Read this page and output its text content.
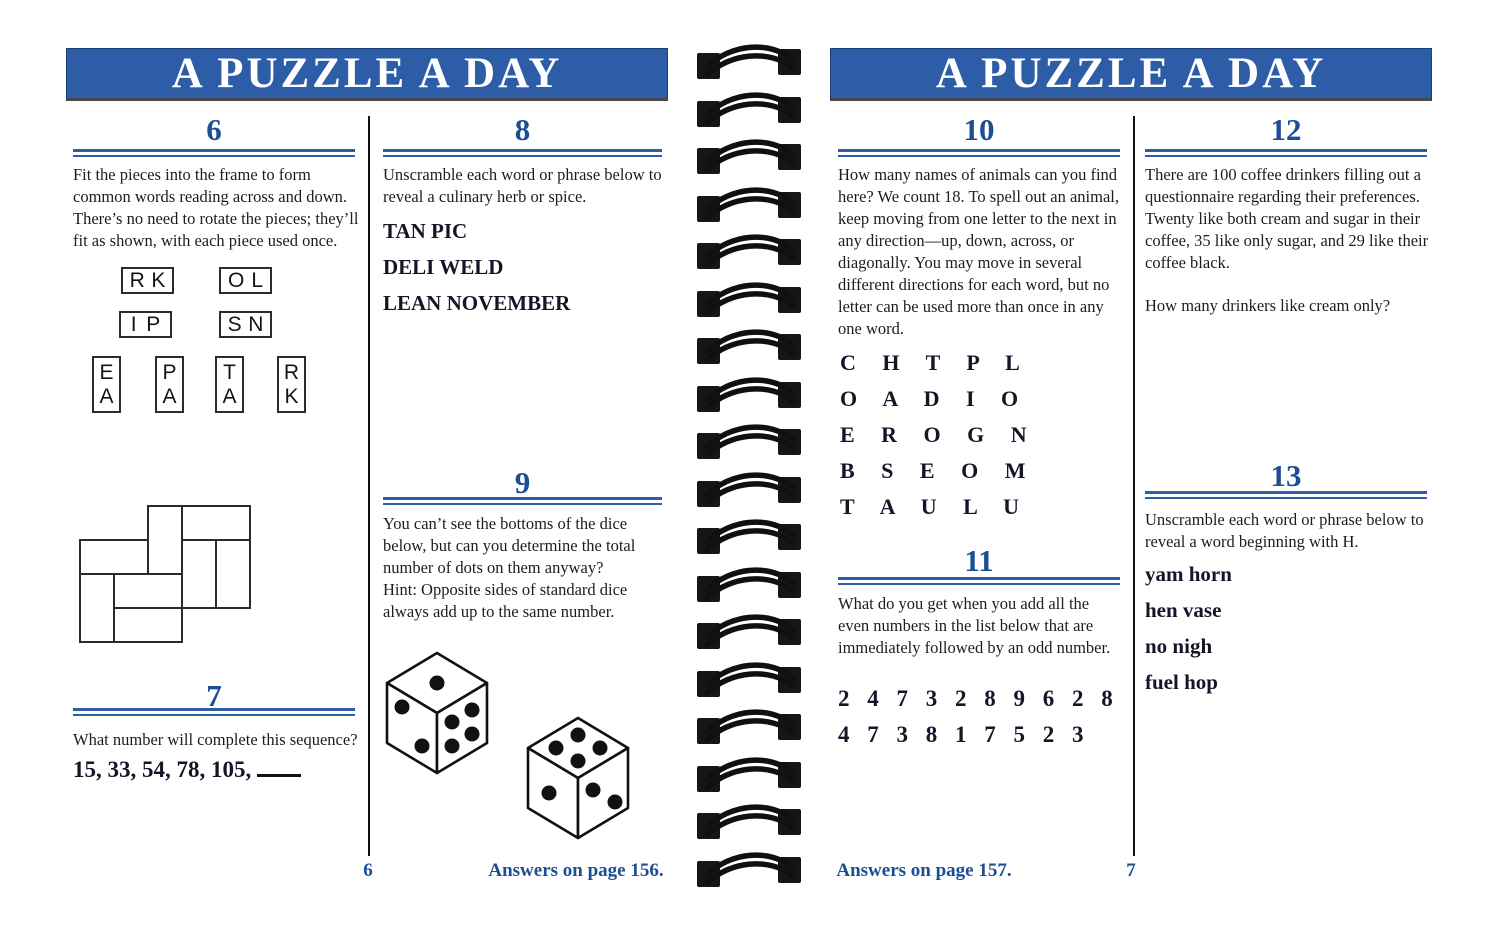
A PUZZLE A DAY
6
Fit the pieces into the frame to form common words reading across and down. There’s no need to rotate the pieces; they’ll fit as shown, with each piece used once.
R K	O L
I P	S N
E
A
P
A
T
A
R
K
7
What number will complete this sequence?
15, 33, 54, 78, 105,
8
Unscramble each word or phrase below to reveal a culinary herb or spice.
TAN PIC
DELI WELD
LEAN NOVEMBER
9
You can’t see the bottoms of the dice below, but can you determine the total number of dots on them anyway?
Hint: Opposite sides of standard dice always add up to the same number.
6	Answers on page 156.
A PUZZLE A DAY
10
How many names of animals can you find here? We count 18. To spell out an animal, keep moving from one letter to the next in any direction—up, down, across, or diagonally. You may move in several different directions for each word, but no letter can be used more than once in any one word.
C H T P L
O A D I O
E R O G N
B S E O M
T A U L U
11
What do you get when you add all the even numbers in the list below that are immediately followed by an odd number.
2 4 7 3 2 8 9 6 2 8
4 7 3 8 1 7 5 2 3
12
There are 100 coffee drinkers filling out a questionnaire regarding their preferences. Twenty like both cream and sugar in their coffee, 35 like only sugar, and 29 like their coffee black.
How many drinkers like cream only?
13
Unscramble each word or phrase below to reveal a word beginning with H.
yam horn
hen vase
no nigh
fuel hop
Answers on page 157.	7
